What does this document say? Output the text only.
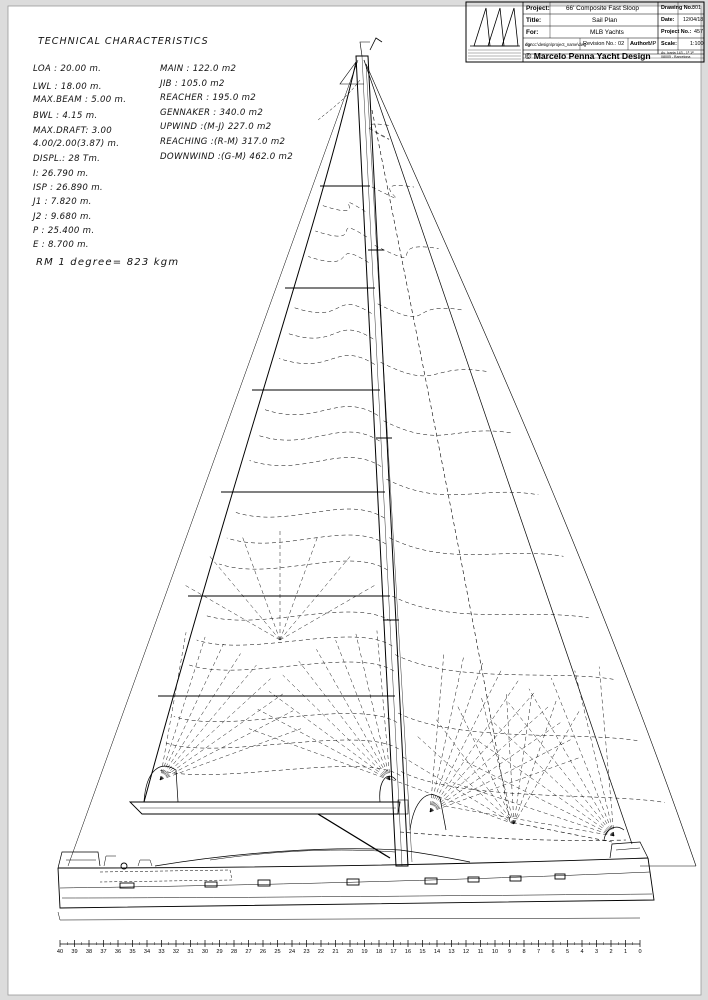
TECHNICAL CHARACTERISTICS
LOA : 20.00 m.
LWL : 18.00 m.
MAX.BEAM : 5.00 m.
BWL : 4.15 m.
MAX.DRAFT: 3.00
4.00/2.00(3.87) m.
DISPL.: 28 Tm.
I: 26.790 m.
ISP : 26.890 m.
J1 : 7.820 m.
J2 : 9.680 m.
P : 25.400 m.
E : 8.700 m.
MAIN : 122.0 m2
JIB : 105.0 m2
REACHER : 195.0 m2
GENNAKER : 340.0 m2
UPWIND :(M-J) 227.0 m2
REACHING :(R-M) 317.0 m2
DOWNWIND :(G-M) 462.0 m2
RM 1 degree= 823 kgm
Project:	66' Composite Fast Sloop
Title:	Sail Plan
For:	MLB Yachts
dgn:c:\design\project_name\dwg
Revision No.: 02 Author:
MP
Drawing No.:
001
Date: 12/04/18
Project No.: 457
Scale: 1:100
© Marcelo Penna Yacht Design	Av. Icaria 143 - 1º 1ª 08005 - Barcelona
40 39 38 37 36 35 34 33 32 31 30 29 28 27 26 25 24 23 22 21 20 19 18 17 16 15 14 13 12 11 10 9 8 7 6 5 4 3 2 1 0
